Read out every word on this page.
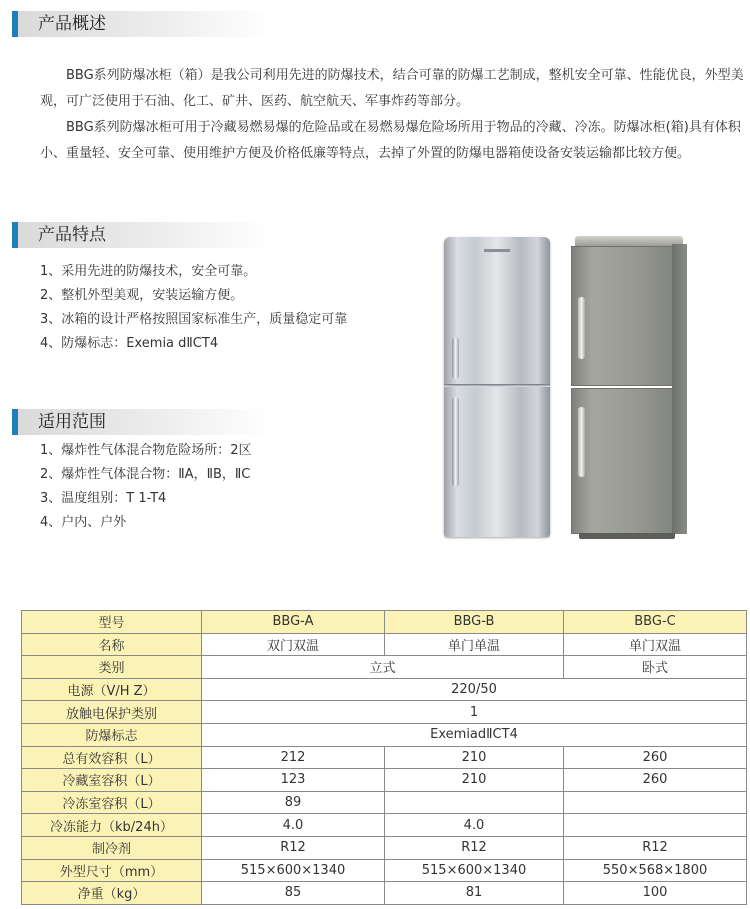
产品概述

BBG系列防爆冰柜（箱）是我公司利用先进的防爆技术，结合可靠的防爆工艺制成，整机安全可靠、性能优良，外型美观，可广泛使用于石油、化工、矿井、医药、航空航天、军事炸药等部分。

BBG系列防爆冰柜可用于冷藏易燃易爆的危险品或在易燃易爆危险场所用于物品的冷藏、冷冻。防爆冰柜(箱)具有体积小、重量轻、安全可靠、使用维护方便及价格低廉等特点，去掉了外置的防爆电器箱使设备安装运输都比较方便。

产品特点
1、采用先进的防爆技术，安全可靠。
2、整机外型美观，安装运输方便。
3、冰箱的设计严格按照国家标准生产，质量稳定可靠
4、防爆标志：Exemia dⅡCT4
适用范围
1、爆炸性气体混合物危险场所：2区
2、爆炸性气体混合物：ⅡA，ⅡB，ⅡC
3、温度组别：T 1-T4
4、户内、户外
型号	BBG-A	BBG-B	BBG-C
名称	双门双温	单门单温	单门双温
类别	立式		卧式
电源（V/H Z）	220/50		
放触电保护类别	1		
防爆标志	ExemiadⅡCT4		
总有效容积（L）	212	210	260
冷藏室容积（L）	123	210	260
冷冻室容积（L）	89		
冷冻能力（kb/24h）	4.0	4.0	
制冷剂	R12	R12	R12
外型尺寸（mm）	515×600×1340	515×600×1340	550×568×1800
净重（kg）	85	81	100
